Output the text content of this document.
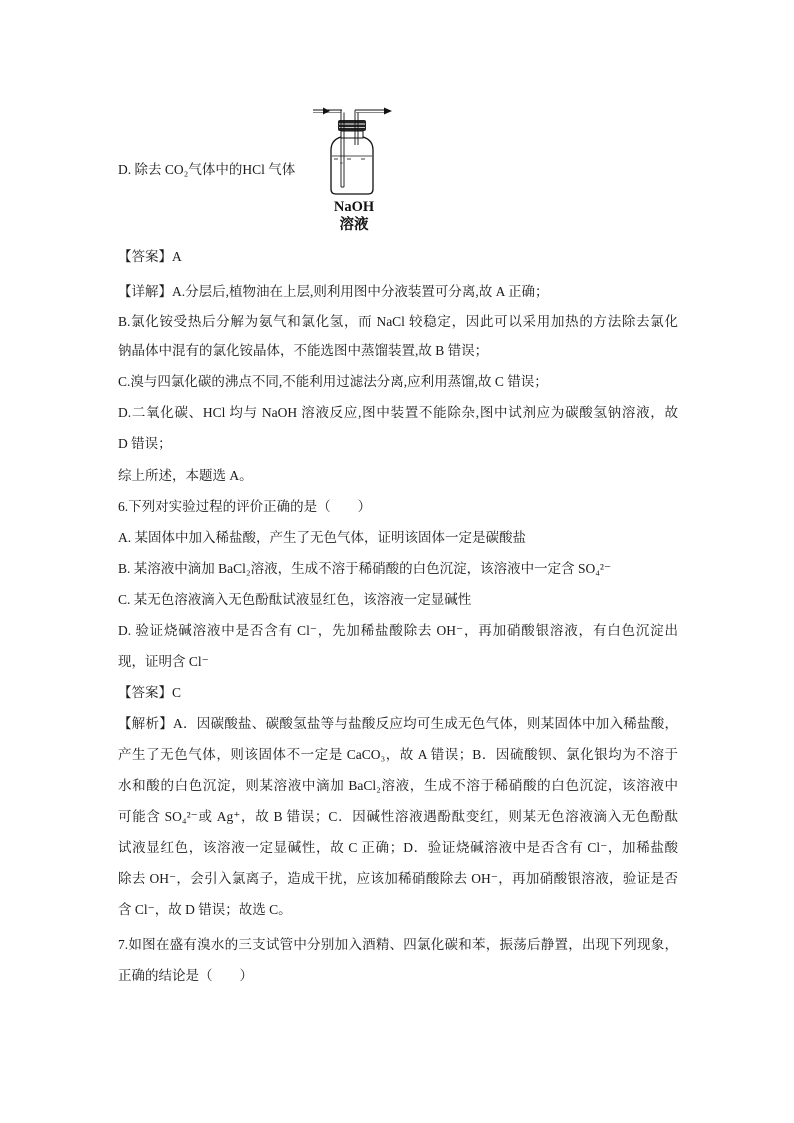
D. 除去 CO₂气体中的HCl 气体
NaOH
溶液
【答案】A
【详解】A.分层后,植物油在上层,则利用图中分液装置可分离,故 A 正确；
B.氯化铵受热后分解为氨气和氯化氢，而 NaCl 较稳定，因此可以采用加热的方法除去氯化
钠晶体中混有的氯化铵晶体，不能选图中蒸馏装置,故 B 错误；
C.溴与四氯化碳的沸点不同,不能利用过滤法分离,应利用蒸馏,故 C 错误；
D.二氧化碳、HCl 均与 NaOH 溶液反应,图中装置不能除杂,图中试剂应为碳酸氢钠溶液，故
D 错误；
综上所述，本题选 A。
6.下列对实验过程的评价正确的是（　　）
A. 某固体中加入稀盐酸，产生了无色气体，证明该固体一定是碳酸盐
B. 某溶液中滴加 BaCl₂溶液，生成不溶于稀硝酸的白色沉淀，该溶液中一定含 SO₄²⁻
C. 某无色溶液滴入无色酚酞试液显红色，该溶液一定显碱性
D. 验证烧碱溶液中是否含有 Cl⁻，先加稀盐酸除去 OH⁻，再加硝酸银溶液，有白色沉淀出
现，证明含 Cl⁻
【答案】C
【解析】A．因碳酸盐、碳酸氢盐等与盐酸反应均可生成无色气体，则某固体中加入稀盐酸，
产生了无色气体，则该固体不一定是 CaCO₃，故 A 错误；B．因硫酸钡、氯化银均为不溶于
水和酸的白色沉淀，则某溶液中滴加 BaCl₂溶液，生成不溶于稀硝酸的白色沉淀，该溶液中
可能含 SO₄²⁻或 Ag⁺，故 B 错误；C．因碱性溶液遇酚酞变红，则某无色溶液滴入无色酚酞
试液显红色，该溶液一定显碱性，故 C 正确；D．验证烧碱溶液中是否含有 Cl⁻，加稀盐酸
除去 OH⁻，会引入氯离子，造成干扰，应该加稀硝酸除去 OH⁻，再加硝酸银溶液，验证是否
含 Cl⁻，故 D 错误；故选 C。
7.如图在盛有溴水的三支试管中分别加入酒精、四氯化碳和苯，振荡后静置，出现下列现象，
正确的结论是（　　）
